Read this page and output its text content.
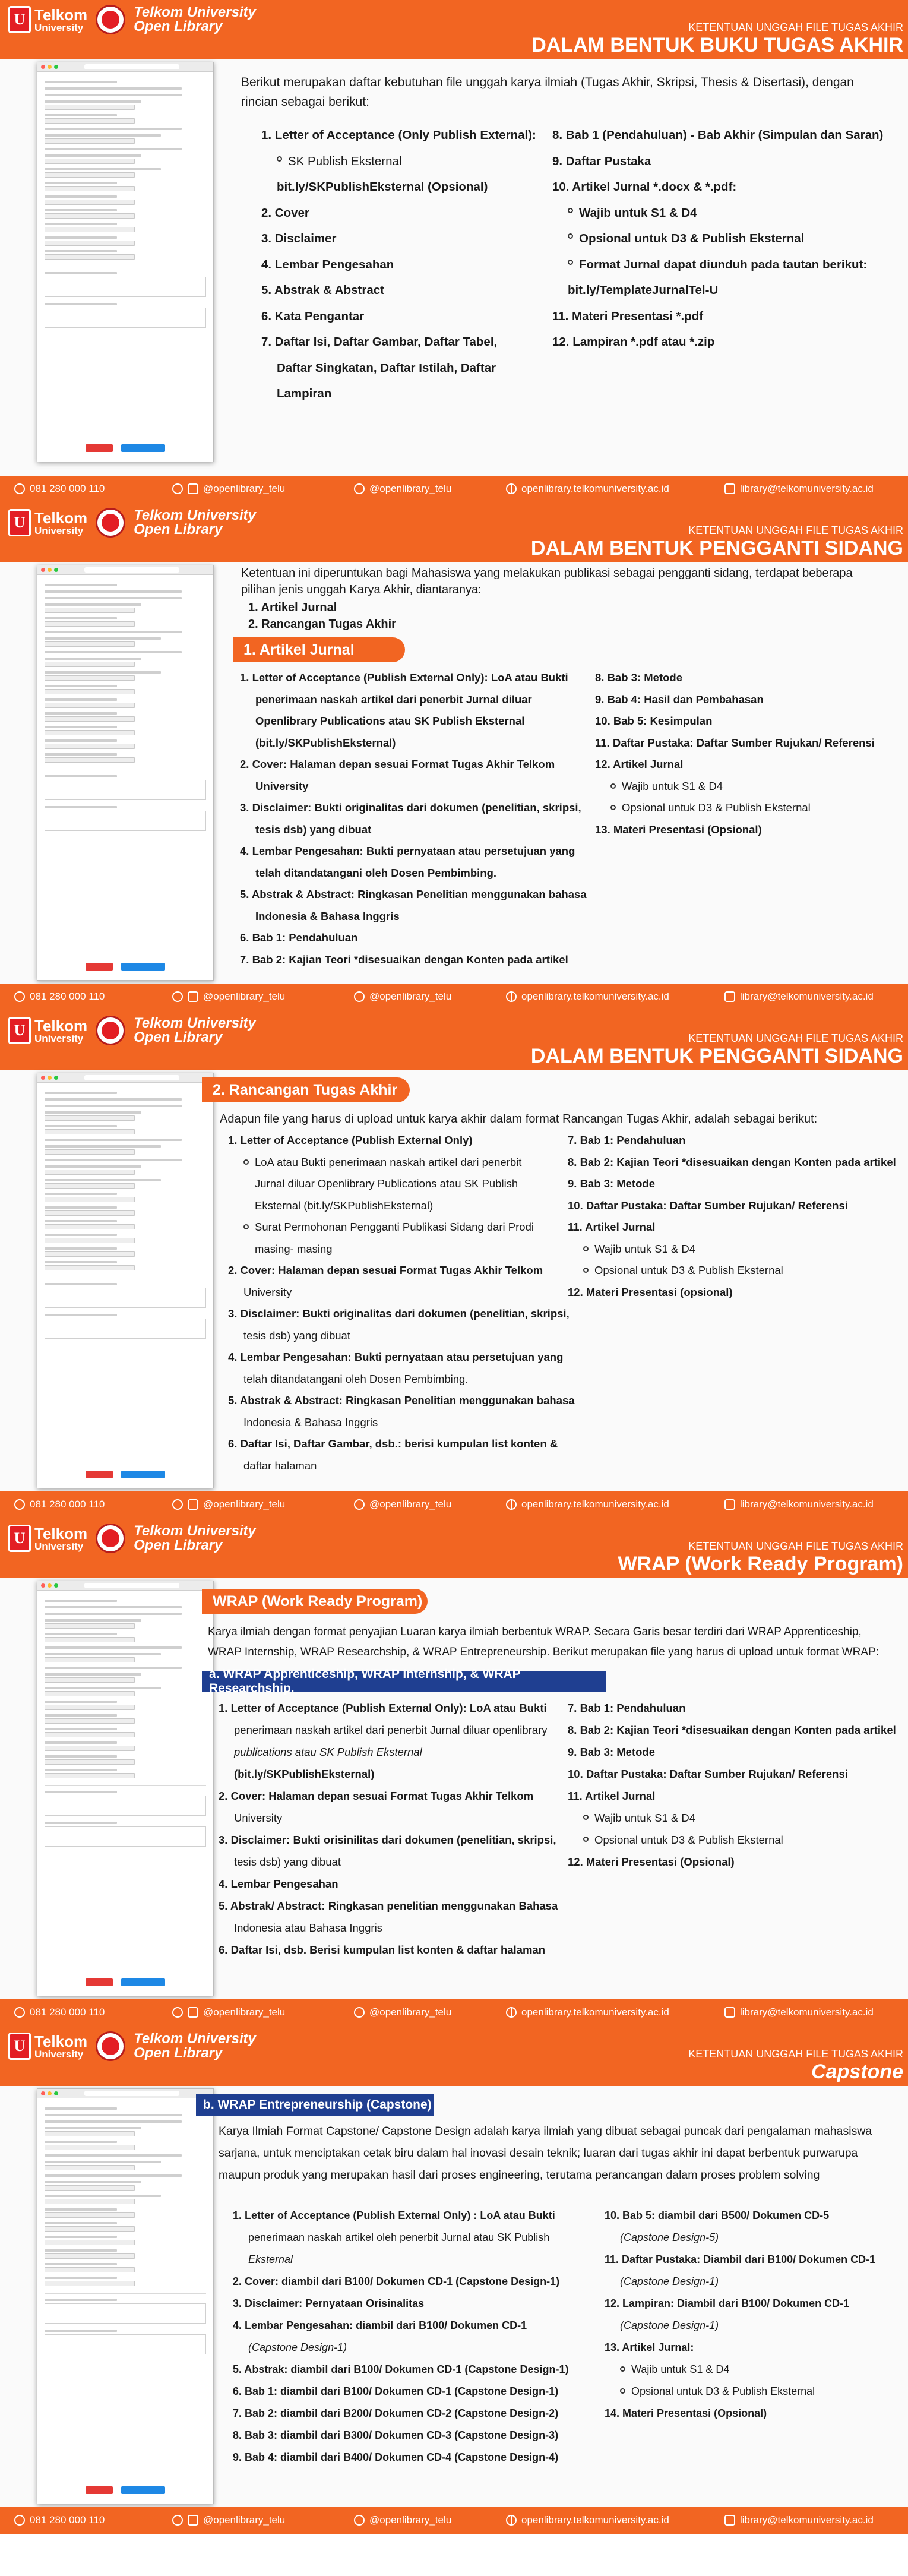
U Telkom
University
Telkom University
Open Library	KETENTUAN UNGGAH FILE TUGAS AKHIR
DALAM BENTUK BUKU TUGAS AKHIR
Berikut merupakan daftar kebutuhan file unggah karya ilmiah (Tugas Akhir, Skripsi, Thesis & Disertasi), dengan rincian sebagai berikut:
1. Letter of Acceptance (Only Publish External):
SK Publish Eksternal
bit.ly/SKPublishEksternal (Opsional)
2. Cover
3. Disclaimer
4. Lembar Pengesahan
5. Abstrak & Abstract
6. Kata Pengantar
7. Daftar Isi, Daftar Gambar, Daftar Tabel,
Daftar Singkatan, Daftar Istilah, Daftar
Lampiran
8. Bab 1 (Pendahuluan) - Bab Akhir (Simpulan dan Saran)
9. Daftar Pustaka
10. Artikel Jurnal *.docx & *.pdf:
Wajib untuk S1 & D4
Opsional untuk D3 & Publish Eksternal
Format Jurnal dapat diunduh pada tautan berikut:
bit.ly/TemplateJurnalTel-U
11. Materi Presentasi *.pdf
12. Lampiran *.pdf atau *.zip
081 280 000 110	@openlibrary_telu	@openlibrary_telu	openlibrary.telkomuniversity.ac.id	library@telkomuniversity.ac.id
U Telkom
University
Telkom University
Open Library	KETENTUAN UNGGAH FILE TUGAS AKHIR
DALAM BENTUK PENGGANTI SIDANG
Ketentuan ini diperuntukan bagi Mahasiswa yang melakukan publikasi sebagai pengganti sidang, terdapat beberapa pilihan jenis unggah Karya Akhir, diantaranya:
1. Artikel Jurnal
2. Rancangan Tugas Akhir
1. Artikel Jurnal
1. Letter of Acceptance (Publish External Only): LoA atau Bukti
penerimaan naskah artikel dari penerbit Jurnal diluar
Openlibrary Publications atau SK Publish Eksternal
(bit.ly/SKPublishEksternal)
2. Cover: Halaman depan sesuai Format Tugas Akhir Telkom
University
3. Disclaimer: Bukti originalitas dari dokumen (penelitian, skripsi,
tesis dsb) yang dibuat
4. Lembar Pengesahan: Bukti pernyataan atau persetujuan yang
telah ditandatangani oleh Dosen Pembimbing.
5. Abstrak & Abstract: Ringkasan Penelitian menggunakan bahasa
Indonesia & Bahasa Inggris
6. Bab 1: Pendahuluan
7. Bab 2: Kajian Teori *disesuaikan dengan Konten pada artikel
8. Bab 3: Metode
9. Bab 4: Hasil dan Pembahasan
10. Bab 5: Kesimpulan
11. Daftar Pustaka: Daftar Sumber Rujukan/ Referensi
12. Artikel Jurnal
Wajib untuk S1 & D4
Opsional untuk D3 & Publish Eksternal
13. Materi Presentasi (Opsional)
081 280 000 110	@openlibrary_telu	@openlibrary_telu	openlibrary.telkomuniversity.ac.id	library@telkomuniversity.ac.id
U Telkom
University
Telkom University
Open Library	KETENTUAN UNGGAH FILE TUGAS AKHIR
DALAM BENTUK PENGGANTI SIDANG
2. Rancangan Tugas Akhir
Adapun file yang harus di upload untuk karya akhir dalam format Rancangan Tugas Akhir, adalah sebagai berikut:
1. Letter of Acceptance (Publish External Only)
LoA atau Bukti penerimaan naskah artikel dari penerbit
Jurnal diluar Openlibrary Publications atau SK Publish
Eksternal (bit.ly/SKPublishEksternal)
Surat Permohonan Pengganti Publikasi Sidang dari Prodi
masing- masing
2. Cover: Halaman depan sesuai Format Tugas Akhir Telkom
University
3. Disclaimer: Bukti originalitas dari dokumen (penelitian, skripsi,
tesis dsb) yang dibuat
4. Lembar Pengesahan: Bukti pernyataan atau persetujuan yang
telah ditandatangani oleh Dosen Pembimbing.
5. Abstrak & Abstract: Ringkasan Penelitian menggunakan bahasa
Indonesia & Bahasa Inggris
6. Daftar Isi, Daftar Gambar, dsb.: berisi kumpulan list konten &
daftar halaman
7. Bab 1: Pendahuluan
8. Bab 2: Kajian Teori *disesuaikan dengan Konten pada artikel
9. Bab 3: Metode
10. Daftar Pustaka: Daftar Sumber Rujukan/ Referensi
11. Artikel Jurnal
Wajib untuk S1 & D4
Opsional untuk D3 & Publish Eksternal
12. Materi Presentasi (opsional)
081 280 000 110	@openlibrary_telu	@openlibrary_telu	openlibrary.telkomuniversity.ac.id	library@telkomuniversity.ac.id
U Telkom
University
Telkom University
Open Library	KETENTUAN UNGGAH FILE TUGAS AKHIR
WRAP (Work Ready Program)
WRAP (Work Ready Program)
Karya ilmiah dengan format penyajian Luaran karya ilmiah berbentuk WRAP. Secara Garis besar terdiri dari WRAP Apprenticeship, WRAP Internship, WRAP Researchship, & WRAP Entrepreneurship. Berikut merupakan file yang harus di upload untuk format WRAP:
a. WRAP Apprenticeship, WRAP Internship, & WRAP Researchship.
1. Letter of Acceptance (Publish External Only): LoA atau Bukti
penerimaan naskah artikel dari penerbit Jurnal diluar openlibrary
publications atau SK Publish Eksternal
(bit.ly/SKPublishEksternal)
2. Cover: Halaman depan sesuai Format Tugas Akhir Telkom
University
3. Disclaimer: Bukti orisinilitas dari dokumen (penelitian, skripsi,
tesis dsb) yang dibuat
4. Lembar Pengesahan
5. Abstrak/ Abstract: Ringkasan penelitian menggunakan Bahasa
Indonesia atau Bahasa Inggris
6. Daftar Isi, dsb. Berisi kumpulan list konten & daftar halaman
7. Bab 1: Pendahuluan
8. Bab 2: Kajian Teori *disesuaikan dengan Konten pada artikel
9. Bab 3: Metode
10. Daftar Pustaka: Daftar Sumber Rujukan/ Referensi
11. Artikel Jurnal
Wajib untuk S1 & D4
Opsional untuk D3 & Publish Eksternal
12. Materi Presentasi (Opsional)
081 280 000 110	@openlibrary_telu	@openlibrary_telu	openlibrary.telkomuniversity.ac.id	library@telkomuniversity.ac.id
U Telkom
University
Telkom University
Open Library	KETENTUAN UNGGAH FILE TUGAS AKHIR
Capstone
b. WRAP Entrepreneurship (Capstone)
Karya Ilmiah Format Capstone/ Capstone Design adalah karya ilmiah yang dibuat sebagai puncak dari pengalaman mahasiswa sarjana, untuk menciptakan cetak biru dalam hal inovasi desain teknik; luaran dari tugas akhir ini dapat berbentuk purwarupa maupun produk yang merupakan hasil dari proses engineering, terutama perancangan dalam proses problem solving
1. Letter of Acceptance (Publish External Only) : LoA atau Bukti
penerimaan naskah artikel oleh penerbit Jurnal atau SK Publish
Eksternal
2. Cover: diambil dari B100/ Dokumen CD-1 (Capstone Design-1)
3. Disclaimer: Pernyataan Orisinalitas
4. Lembar Pengesahan: diambil dari B100/ Dokumen CD-1
(Capstone Design-1)
5. Abstrak: diambil dari B100/ Dokumen CD-1 (Capstone Design-1)
6. Bab 1: diambil dari B100/ Dokumen CD-1 (Capstone Design-1)
7. Bab 2: diambil dari B200/ Dokumen CD-2 (Capstone Design-2)
8. Bab 3: diambil dari B300/ Dokumen CD-3 (Capstone Design-3)
9. Bab 4: diambil dari B400/ Dokumen CD-4 (Capstone Design-4)
10. Bab 5: diambil dari B500/ Dokumen CD-5
(Capstone Design-5)
11. Daftar Pustaka: Diambil dari B100/ Dokumen CD-1
(Capstone Design-1)
12. Lampiran: Diambil dari B100/ Dokumen CD-1
(Capstone Design-1)
13. Artikel Jurnal:
Wajib untuk S1 & D4
Opsional untuk D3 & Publish Eksternal
14. Materi Presentasi (Opsional)
081 280 000 110	@openlibrary_telu	@openlibrary_telu	openlibrary.telkomuniversity.ac.id	library@telkomuniversity.ac.id
